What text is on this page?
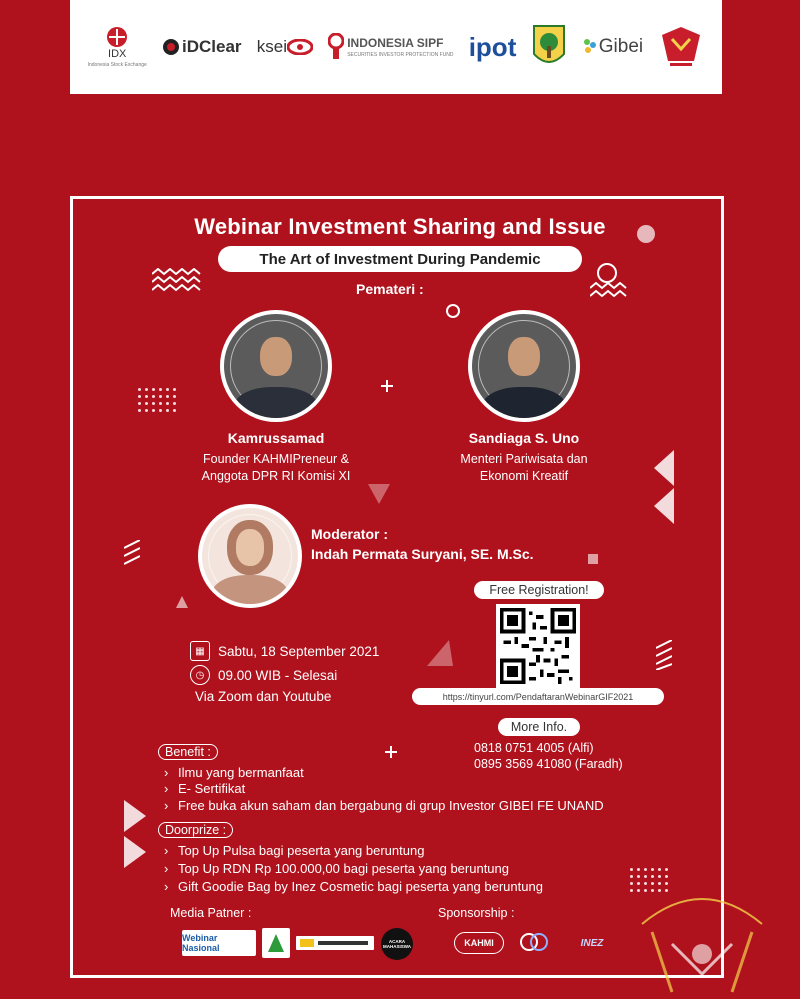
IDX
Indonesia Stock Exchange
iDClear ksei	INDONESIA SIPF
SECURITIES INVESTOR PROTECTION FUND ipot	Gibei
Webinar Investment Sharing and Issue
The Art of Investment During Pandemic
Pemateri :
Kamrussamad
Founder KAHMIPreneur &
Anggota DPR RI Komisi XI
Sandiaga S. Uno
Menteri Pariwisata dan
Ekonomi Kreatif
Moderator :
Indah Permata Suryani, SE. M.Sc.
▦ Sabtu, 18 September 2021
◷	09.00 WIB - Selesai
Via Zoom dan Youtube
Free Registration!
https://tinyurl.com/PendaftaranWebinarGIF2021
More Info.
0818 0751 4005 (Alfi)
0895 3569 41080 (Faradh)
Benefit :
› Ilmu yang bermanfaat
› E- Sertifikat
› Free buka akun saham dan bergabung di grup Investor GIBEI FE UNAND
Doorprize :
› Top Up Pulsa bagi peserta yang beruntung
› Top Up RDN Rp 100.000,00 bagi peserta yang beruntung
› Gift Goodie Bag by Inez Cosmetic bagi peserta yang beruntung
Media Patner :	Sponsorship :
Webinar Nasional
ACARA MAHASISWA	KAHMI	INEZ
